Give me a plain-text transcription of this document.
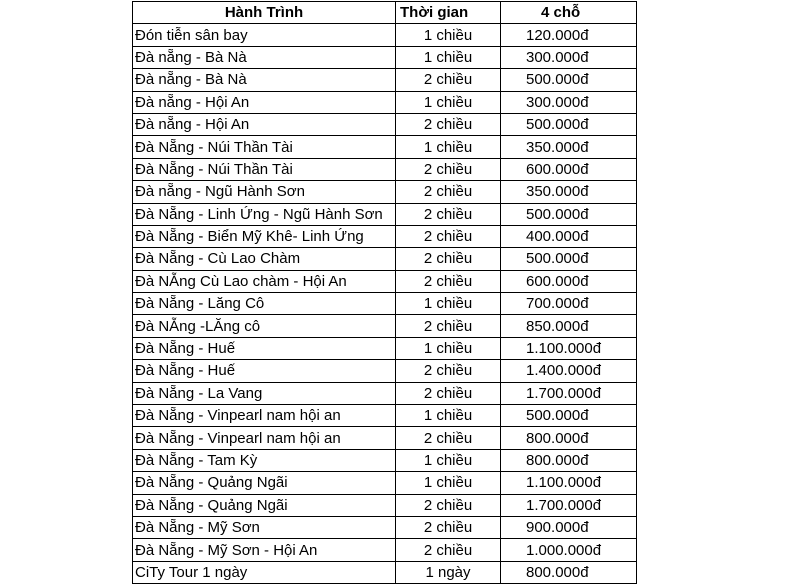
Hành Trình	Thời gian	4 chỗ
Đón tiễn sân bay	1 chiều	120.000đ
Đà nẵng - Bà Nà	1 chiều	300.000đ
Đà nẵng - Bà Nà	2 chiều	500.000đ
Đà nẵng - Hội An	1 chiều	300.000đ
Đà nẵng - Hội An	2 chiều	500.000đ
Đà Nẵng - Núi Thần Tài	1 chiều	350.000đ
Đà Nẵng - Núi Thần Tài	2 chiều	600.000đ
Đà nẵng - Ngũ Hành Sơn	2 chiều	350.000đ
Đà Nẵng - Linh Ứng - Ngũ Hành Sơn	2 chiều	500.000đ
Đà Nẵng - Biển Mỹ Khê- Linh Ứng	2 chiều	400.000đ
Đà Nẵng - Cù Lao Chàm	2 chiều	500.000đ
Đà NẴng Cù Lao chàm - Hội An	2 chiều	600.000đ
Đà Nẵng - Lăng Cô	1 chiều	700.000đ
Đà NẴng -LĂng cô	2 chiều	850.000đ
Đà Nẵng - Huế	1 chiều	1.100.000đ
Đà Nẵng - Huế	2 chiều	1.400.000đ
Đà Nẵng - La Vang	2 chiều	1.700.000đ
Đà Nẵng - Vinpearl nam hội an	1 chiều	500.000đ
Đà Nẵng - Vinpearl nam hội an	2 chiều	800.000đ
Đà Nẵng - Tam Kỳ	1 chiều	800.000đ
Đà Nẵng - Quảng Ngãi	1 chiều	1.100.000đ
Đà Nẵng - Quảng Ngãi	2 chiều	1.700.000đ
Đà Nẵng - Mỹ Sơn	2 chiều	900.000đ
Đà Nẵng - Mỹ Sơn - Hội An	2 chiều	1.000.000đ
CiTy Tour 1 ngày	1 ngày	800.000đ
